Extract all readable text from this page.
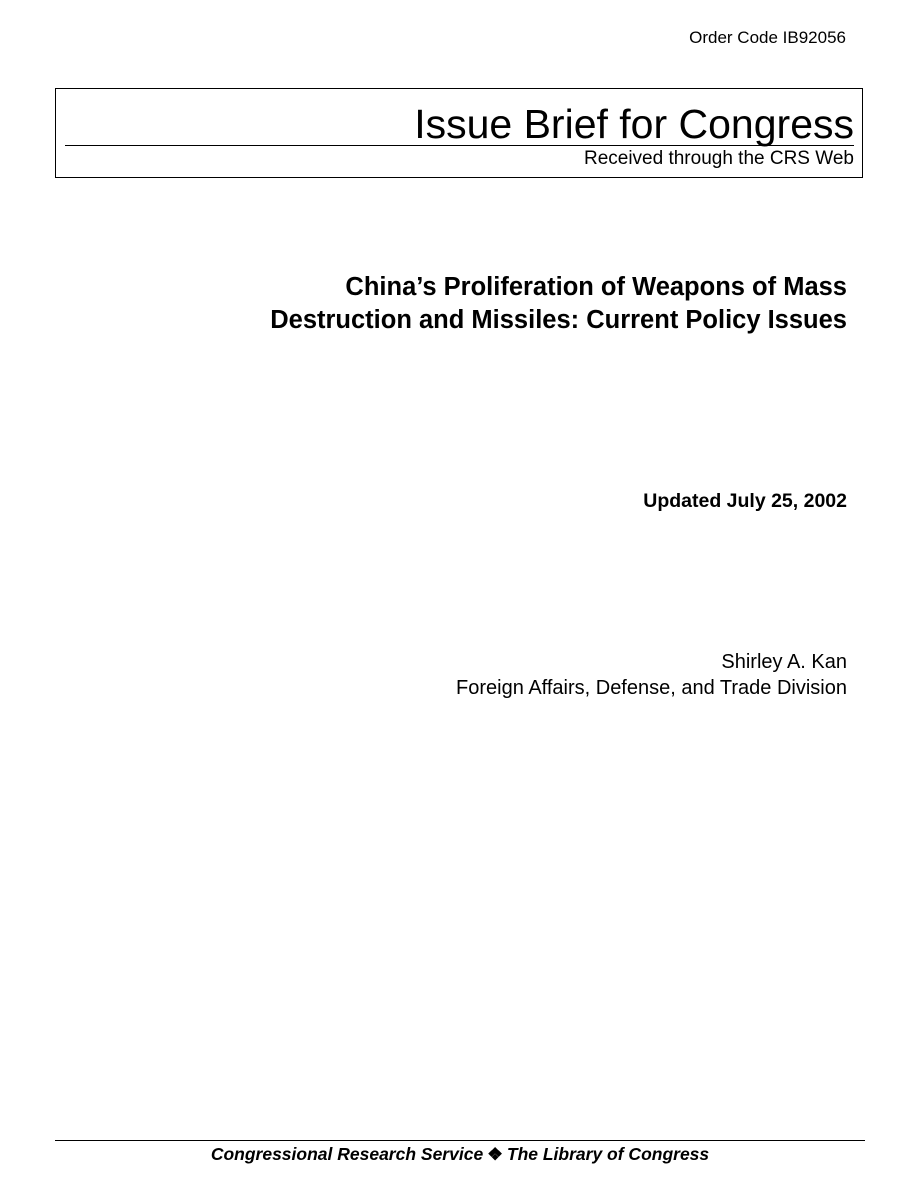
Order Code IB92056
Issue Brief for Congress
Received through the CRS Web
China’s Proliferation of Weapons of Mass
Destruction and Missiles: Current Policy Issues
Updated July 25, 2002
Shirley A. Kan
Foreign Affairs, Defense, and Trade Division
Congressional Research Service ❖ The Library of Congress
